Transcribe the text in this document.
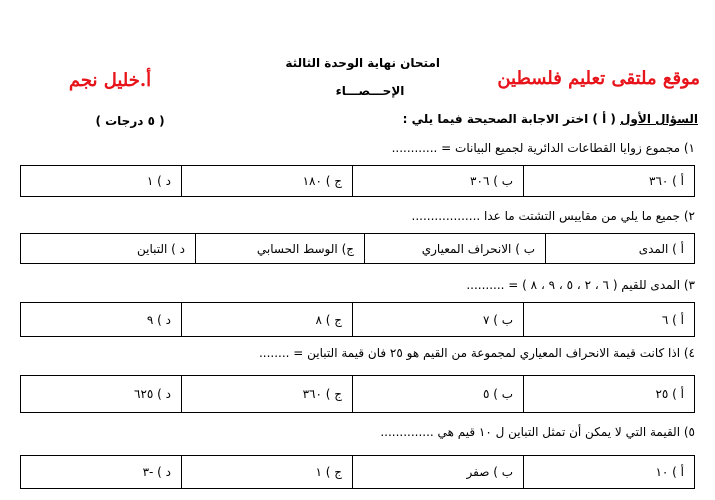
امتحان نهاية الوحدة الثالثة
الإحـــصـــاء
موقع ملتقى تعليم فلسطين
أ.خليل نجم
السؤال الأول ( أ ) اختر الاجابة الصحيحة فيما يلي :
( ٥ درجات )
١) مجموع زوايا القطاعات الدائرية لجميع البيانات = ............
أ ) ٣٦٠	ب ) ٣٠٦	ج ) ١٨٠	د ) ١
٢) جميع ما يلي من مقاييس التشتت ما عدا ..................
أ ) المدى	ب ) الانحراف المعياري	ج) الوسط الحسابي	د ) التباين
٣) المدى للقيم ( ٦ ، ٢ ، ٥ ، ٩ ، ٨ ) = ..........
أ ) ٦	ب ) ٧	ج ) ٨	د ) ٩
٤) اذا كانت قيمة الانحراف المعياري لمجموعة من القيم هو ٢٥ فان قيمة التباين = ........
أ ) ٢٥	ب ) ٥	ج ) ٣٦٠	د ) ٦٢٥
٥) القيمة التي لا يمكن أن تمثل التباين ل ١٠ قيم هي ..............
أ ) ١٠	ب ) صفر	ج ) ١	د ) -٣
